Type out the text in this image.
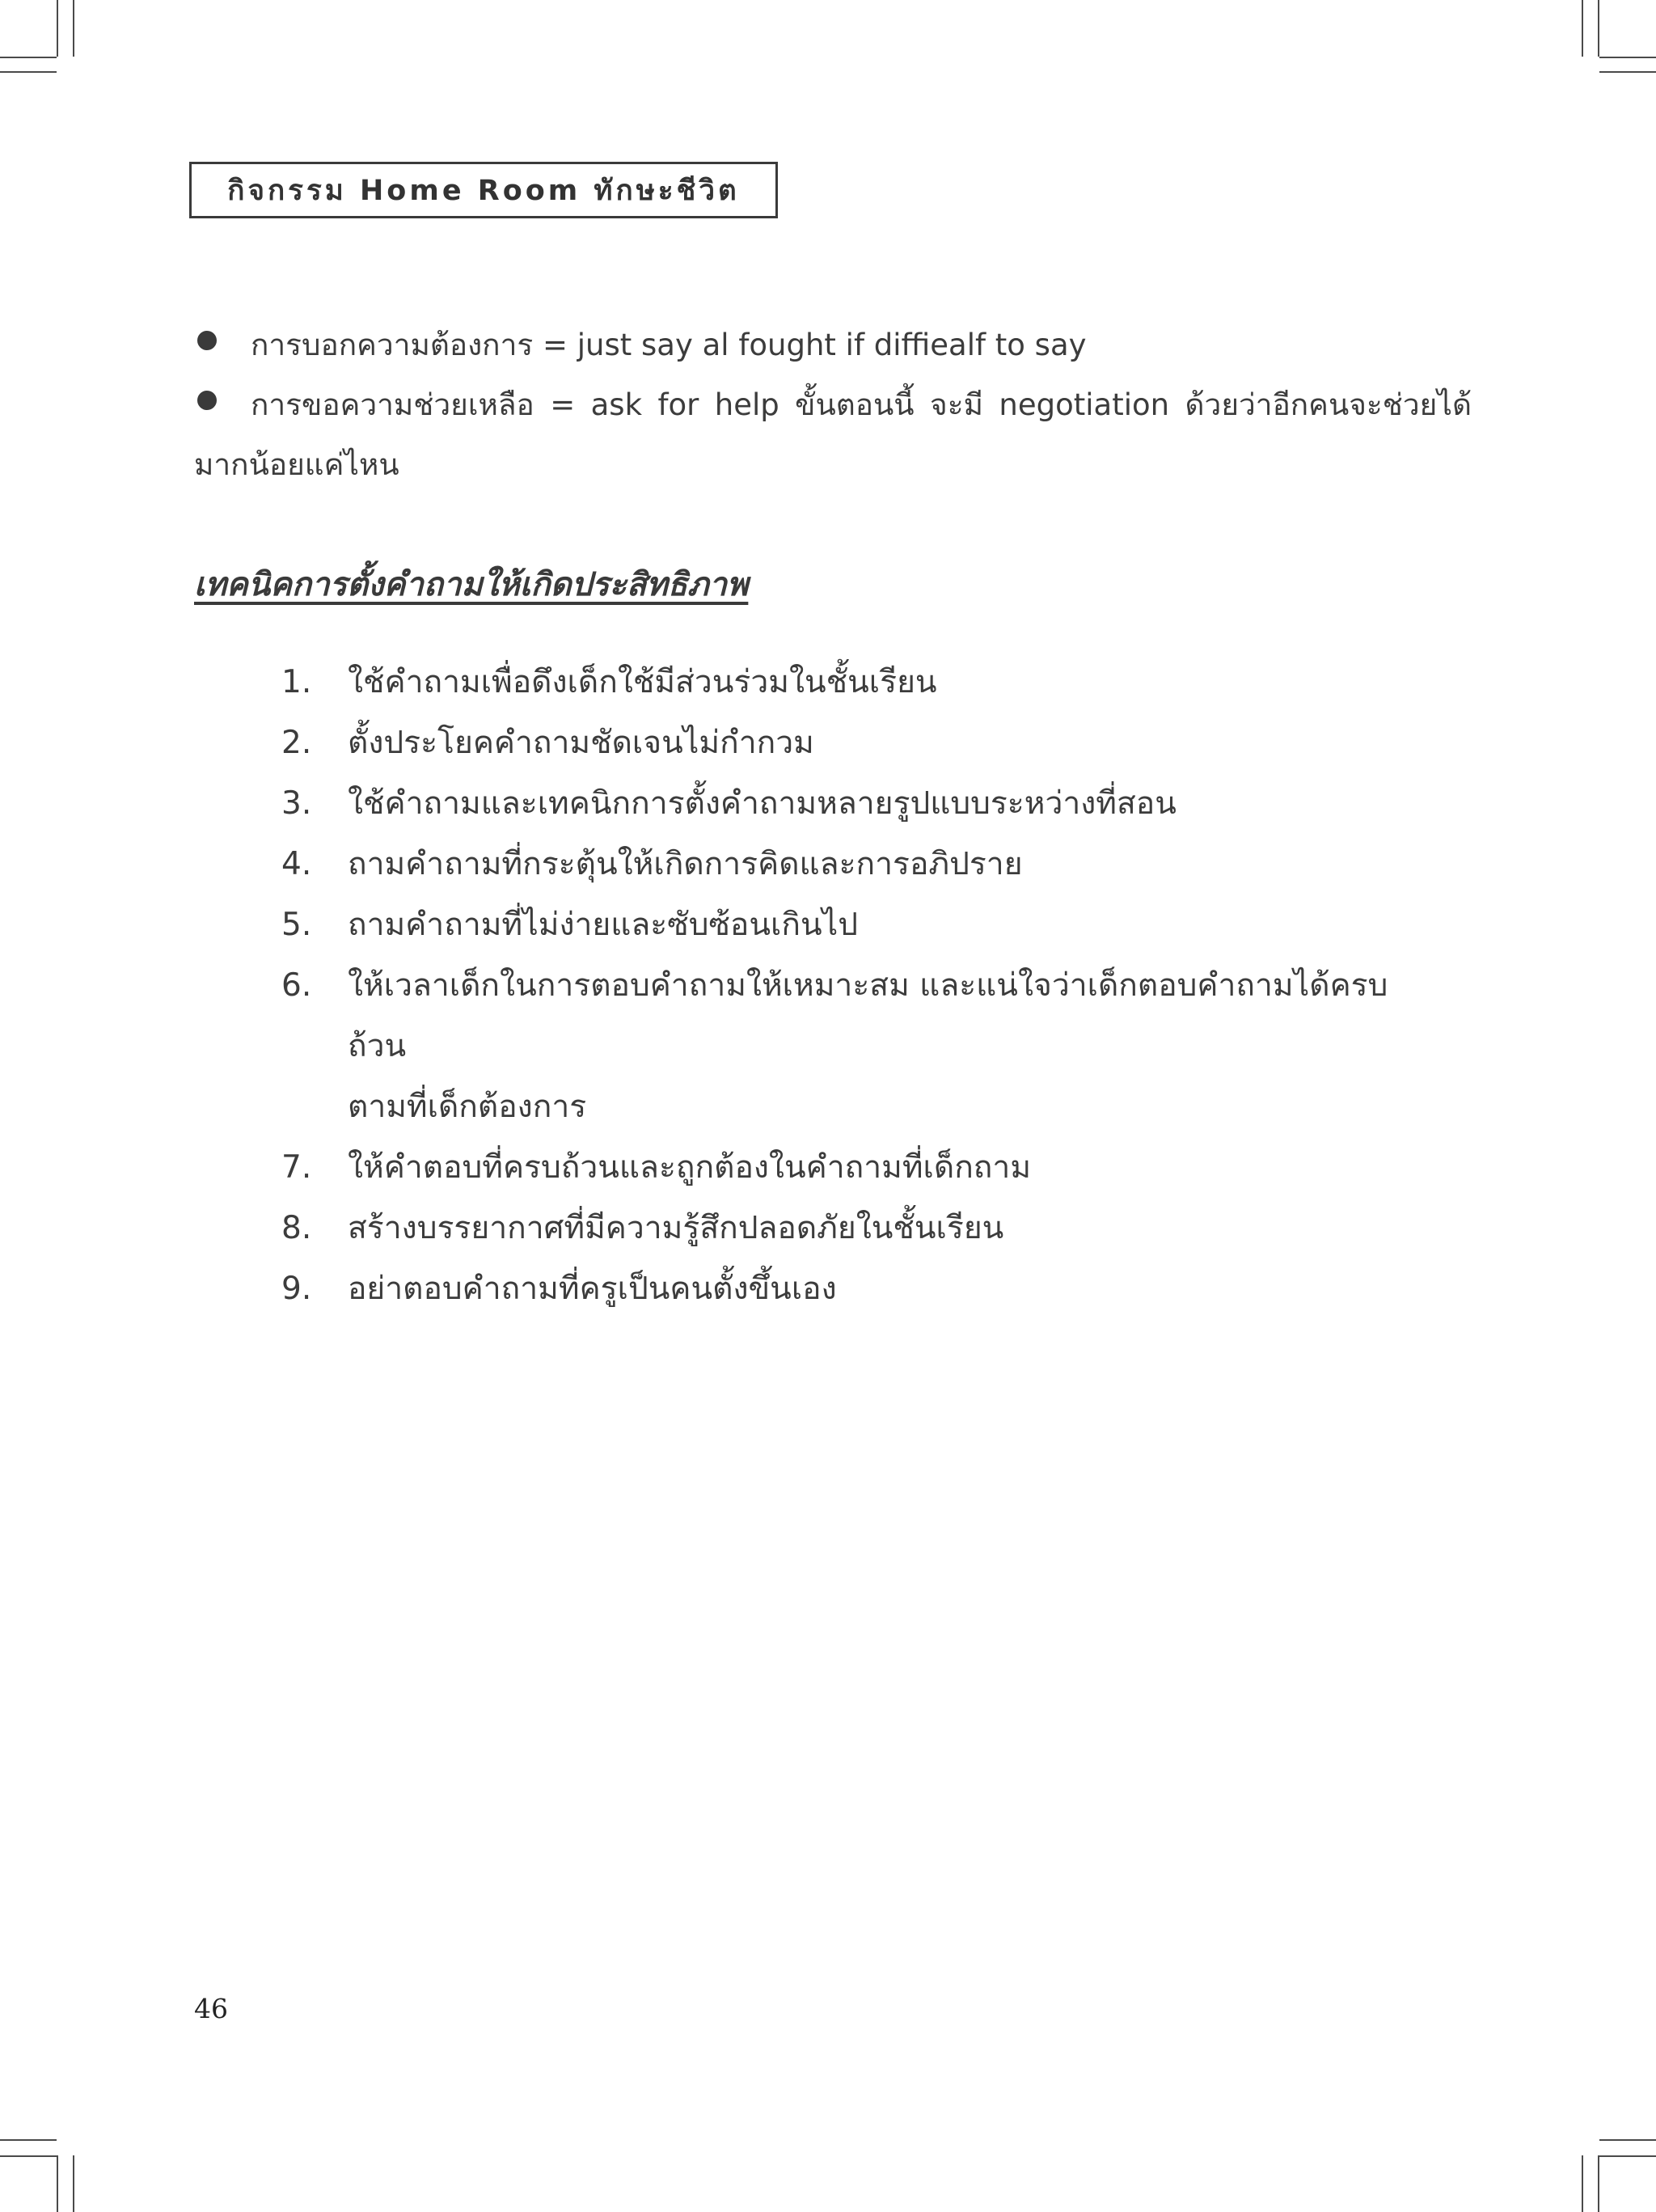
กิจกรรม Home Room ทักษะชีวิต
การบอกความต้องการ = just say al fought if diffiealf to say
การขอความช่วยเหลือ = ask for help ขั้นตอนนี้ จะมี negotiation ด้วยว่าอีกคนจะช่วยได้
มากน้อยแค่ไหน
เทคนิคการตั้งคำถามให้เกิดประสิทธิภาพ
1.	ใช้คำถามเพื่อดึงเด็กใช้มีส่วนร่วมในชั้นเรียน
2.	ตั้งประโยคคำถามชัดเจนไม่กำกวม
3.	ใช้คำถามและเทคนิกการตั้งคำถามหลายรูปแบบระหว่างที่สอน
4.	ถามคำถามที่กระตุ้นให้เกิดการคิดและการอภิปราย
5.	ถามคำถามที่ไม่ง่ายและซับซ้อนเกินไป
6.	ให้เวลาเด็กในการตอบคำถามให้เหมาะสม และแน่ใจว่าเด็กตอบคำถามได้ครบถ้วน
ตามที่เด็กต้องการ
7.	ให้คำตอบที่ครบถ้วนและถูกต้องในคำถามที่เด็กถาม
8.	สร้างบรรยากาศที่มีความรู้สึกปลอดภัยในชั้นเรียน
9.	อย่าตอบคำถามที่ครูเป็นคนตั้งขึ้นเอง
46
